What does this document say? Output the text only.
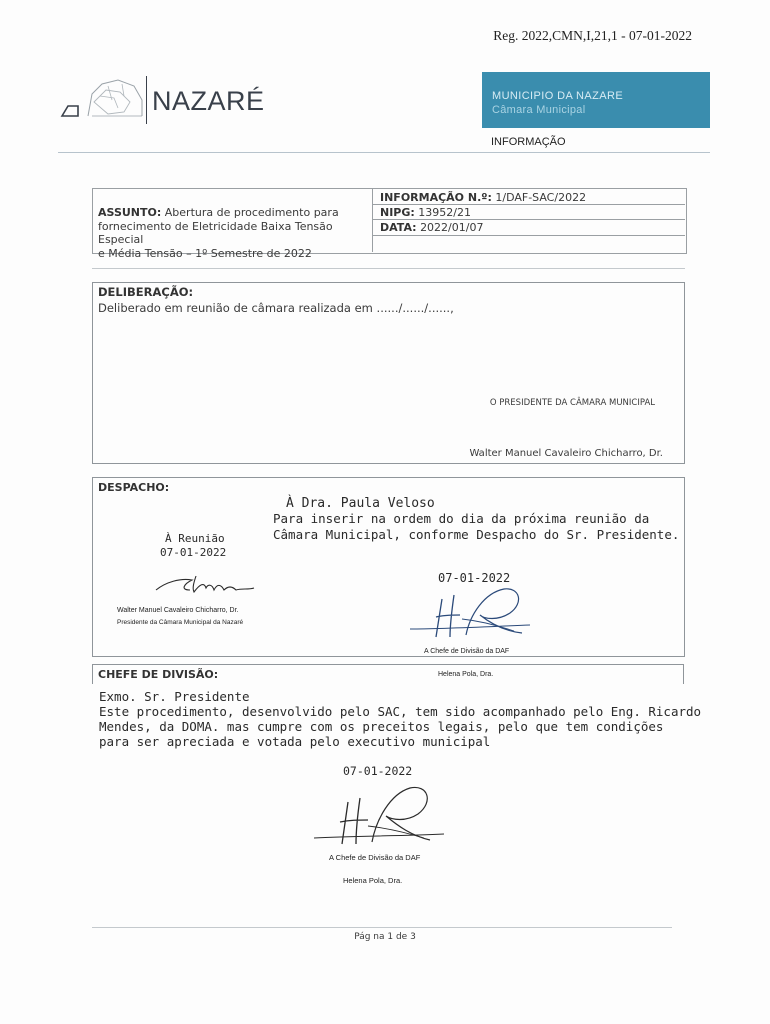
Reg. 2022,CMN,I,21,1 - 07-01-2022
NAZARÉ	MUNICIPIO DA NAZARE
Câmara Municipal
INFORMAÇÃO
ASSUNTO: Abertura de procedimento para
fornecimento de Eletricidade Baixa Tensão Especial
e Média Tensão – 1º Semestre de 2022
INFORMAÇÃO N.º: 1/DAF-SAC/2022
NIPG: 13952/21
DATA: 2022/01/07
DELIBERAÇÃO:
Deliberado em reunião de câmara realizada em ....../....../......,
O PRESIDENTE DA CÂMARA MUNICIPAL
Walter Manuel Cavaleiro Chicharro, Dr.
DESPACHO:
À Reunião
07-01-2022
Walter Manuel Cavaleiro Chicharro, Dr.
Presidente da Câmara Municipal da Nazaré
À Dra. Paula Veloso
Para inserir na ordem do dia da próxima reunião da
Câmara Municipal, conforme Despacho do Sr. Presidente.
07-01-2022
A Chefe de Divisão da DAF
Helena Pola, Dra.
CHEFE DE DIVISÃO:
Exmo. Sr. Presidente
Este procedimento, desenvolvido pelo SAC, tem sido acompanhado pelo Eng. Ricardo
Mendes, da DOMA. mas cumpre com os preceitos legais, pelo que tem condições
para ser apreciada e votada pelo executivo municipal
07-01-2022
A Chefe de Divisão da DAF
Helena Pola, Dra.
Pág na 1 de 3
